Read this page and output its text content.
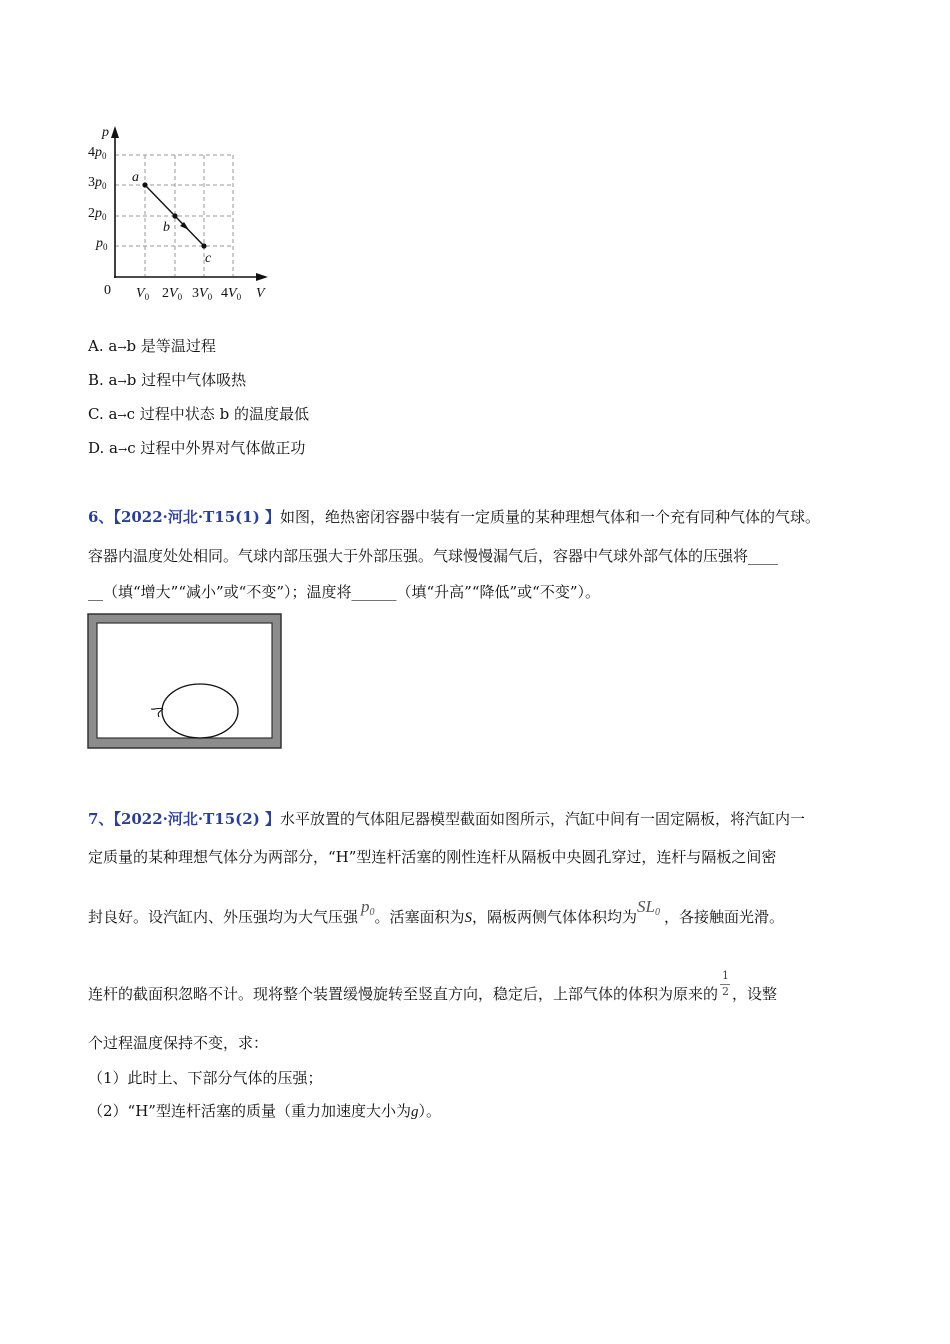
p
V
a
b
c
0
$4p_0$
$3p_0$
$2p_0$
$p_0$
$V_0$ $2V_0$ $3V_0$ $4V_0$
A. a→b 是等温过程
B. a→b 过程中气体吸热
C. a→c 过程中状态 b 的温度最低
D. a→c 过程中外界对气体做正功
6、【2022·河北·T15(1) 】如图，绝热密闭容器中装有一定质量的某种理想气体和一个充有同种气体的气球。
容器内温度处处相同。气球内部压强大于外部压强。气球慢慢漏气后，容器中气球外部气体的压强将____
__（填“增大”“减小”或“不变”）；温度将______（填“升高”“降低”或“不变”）。
7、【2022·河北·T15(2) 】水平放置的气体阻尼器模型截面如图所示，汽缸中间有一固定隔板，将汽缸内一
定质量的某种理想气体分为两部分，“H”型连杆活塞的刚性连杆从隔板中央圆孔穿过，连杆与隔板之间密
封良好。设汽缸内、外压强均为大气压强$p_0$。活塞面积为S，隔板两侧气体体积均为$SL_0$ ，各接触面光滑。
连杆的截面积忽略不计。现将整个装置缓慢旋转至竖直方向，稳定后，上部气体的体积为原来的 $\frac{1}{2}$ ，设整
个过程温度保持不变，求：
（1）此时上、下部分气体的压强；
（2）“H”型连杆活塞的质量（重力加速度大小为g）。
